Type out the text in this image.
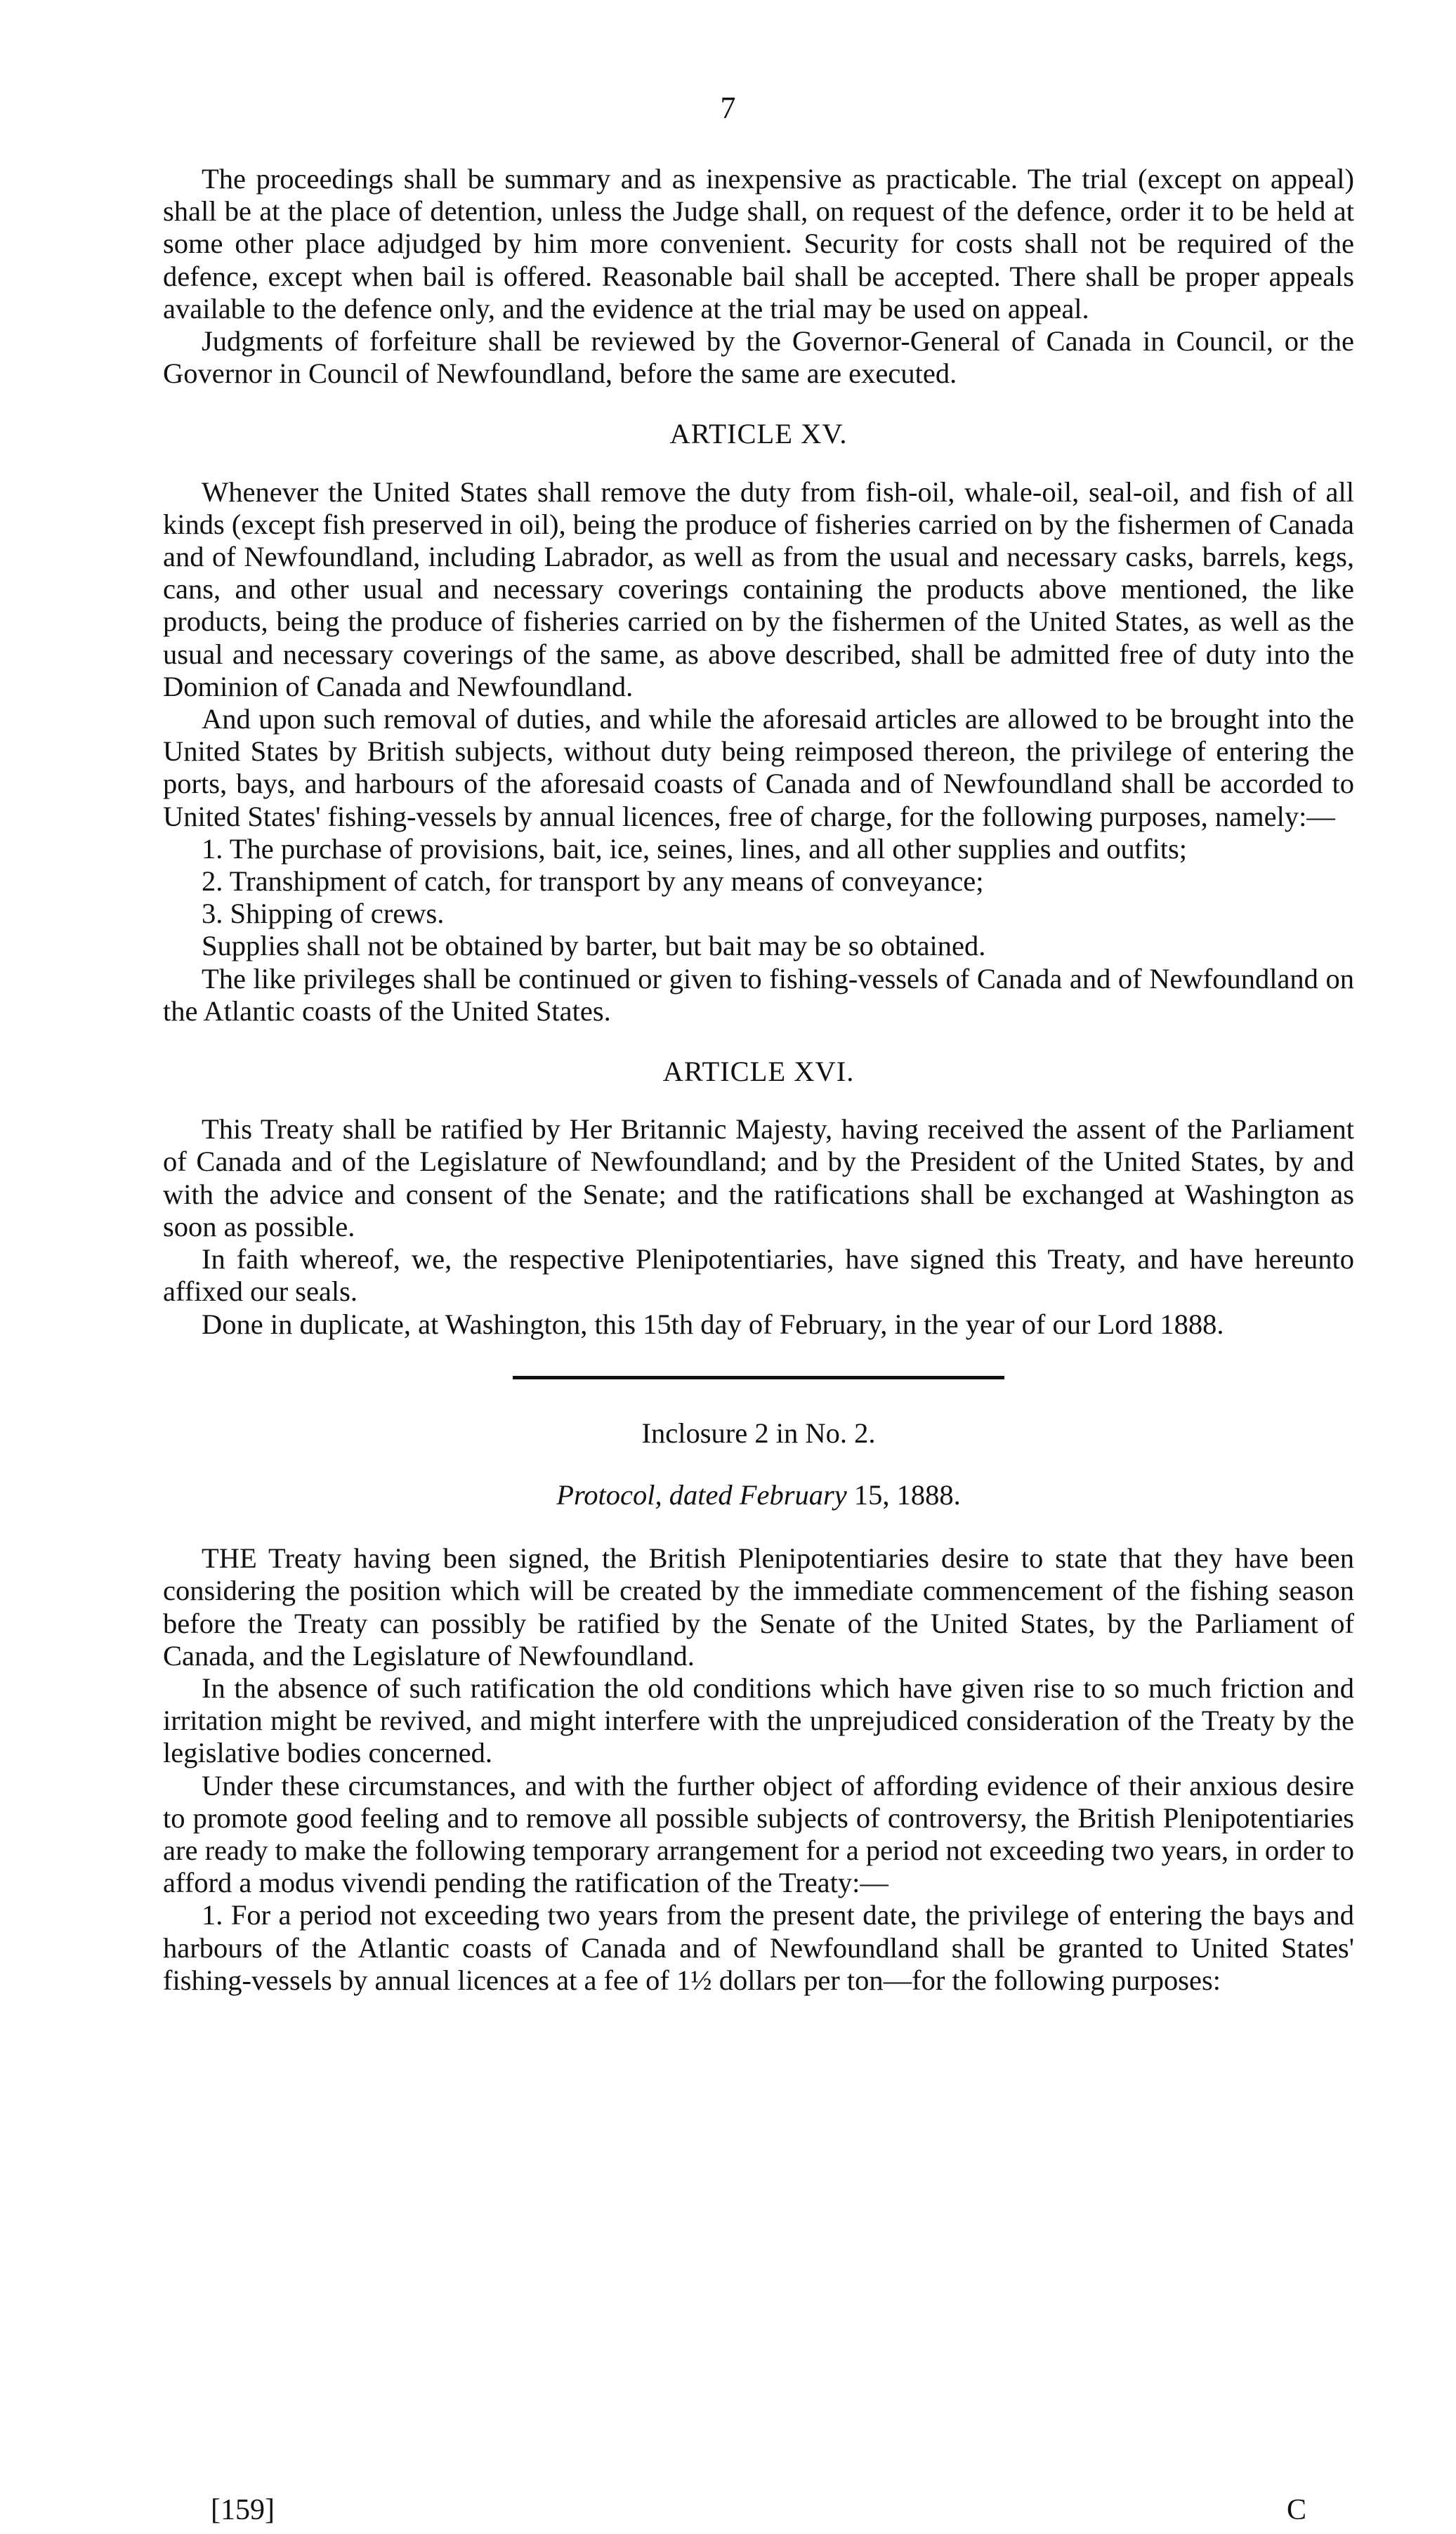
7

The proceedings shall be summary and as inexpensive as practicable. The trial (except on appeal) shall be at the place of detention, unless the Judge shall, on request of the defence, order it to be held at some other place adjudged by him more convenient. Security for costs shall not be required of the defence, except when bail is offered. Reasonable bail shall be accepted. There shall be proper appeals available to the defence only, and the evidence at the trial may be used on appeal.

Judgments of forfeiture shall be reviewed by the Governor-General of Canada in Council, or the Governor in Council of Newfoundland, before the same are executed.

ARTICLE XV.

Whenever the United States shall remove the duty from fish-oil, whale-oil, seal-oil, and fish of all kinds (except fish preserved in oil), being the produce of fisheries carried on by the fishermen of Canada and of Newfoundland, including Labrador, as well as from the usual and necessary casks, barrels, kegs, cans, and other usual and necessary coverings containing the products above mentioned, the like products, being the produce of fisheries carried on by the fishermen of the United States, as well as the usual and necessary coverings of the same, as above described, shall be admitted free of duty into the Dominion of Canada and Newfoundland.

And upon such removal of duties, and while the aforesaid articles are allowed to be brought into the United States by British subjects, without duty being reimposed thereon, the privilege of entering the ports, bays, and harbours of the aforesaid coasts of Canada and of Newfoundland shall be accorded to United States' fishing-vessels by annual licences, free of charge, for the following purposes, namely:—

1. The purchase of provisions, bait, ice, seines, lines, and all other supplies and outfits;

2. Transhipment of catch, for transport by any means of conveyance;

3. Shipping of crews.

Supplies shall not be obtained by barter, but bait may be so obtained.

The like privileges shall be continued or given to fishing-vessels of Canada and of Newfoundland on the Atlantic coasts of the United States.

ARTICLE XVI.

This Treaty shall be ratified by Her Britannic Majesty, having received the assent of the Parliament of Canada and of the Legislature of Newfoundland; and by the President of the United States, by and with the advice and consent of the Senate; and the ratifications shall be exchanged at Washington as soon as possible.

In faith whereof, we, the respective Plenipotentiaries, have signed this Treaty, and have hereunto affixed our seals.

Done in duplicate, at Washington, this 15th day of February, in the year of our Lord 1888.

Inclosure 2 in No. 2.

Protocol, dated February 15, 1888.

THE Treaty having been signed, the British Plenipotentiaries desire to state that they have been considering the position which will be created by the immediate commencement of the fishing season before the Treaty can possibly be ratified by the Senate of the United States, by the Parliament of Canada, and the Legislature of Newfoundland.

In the absence of such ratification the old conditions which have given rise to so much friction and irritation might be revived, and might interfere with the unprejudiced consideration of the Treaty by the legislative bodies concerned.

Under these circumstances, and with the further object of affording evidence of their anxious desire to promote good feeling and to remove all possible subjects of controversy, the British Plenipotentiaries are ready to make the following temporary arrangement for a period not exceeding two years, in order to afford a modus vivendi pending the ratification of the Treaty:—

1. For a period not exceeding two years from the present date, the privilege of entering the bays and harbours of the Atlantic coasts of Canada and of Newfoundland shall be granted to United States' fishing-vessels by annual licences at a fee of 1½ dollars per ton—for the following purposes:

[159]	C
